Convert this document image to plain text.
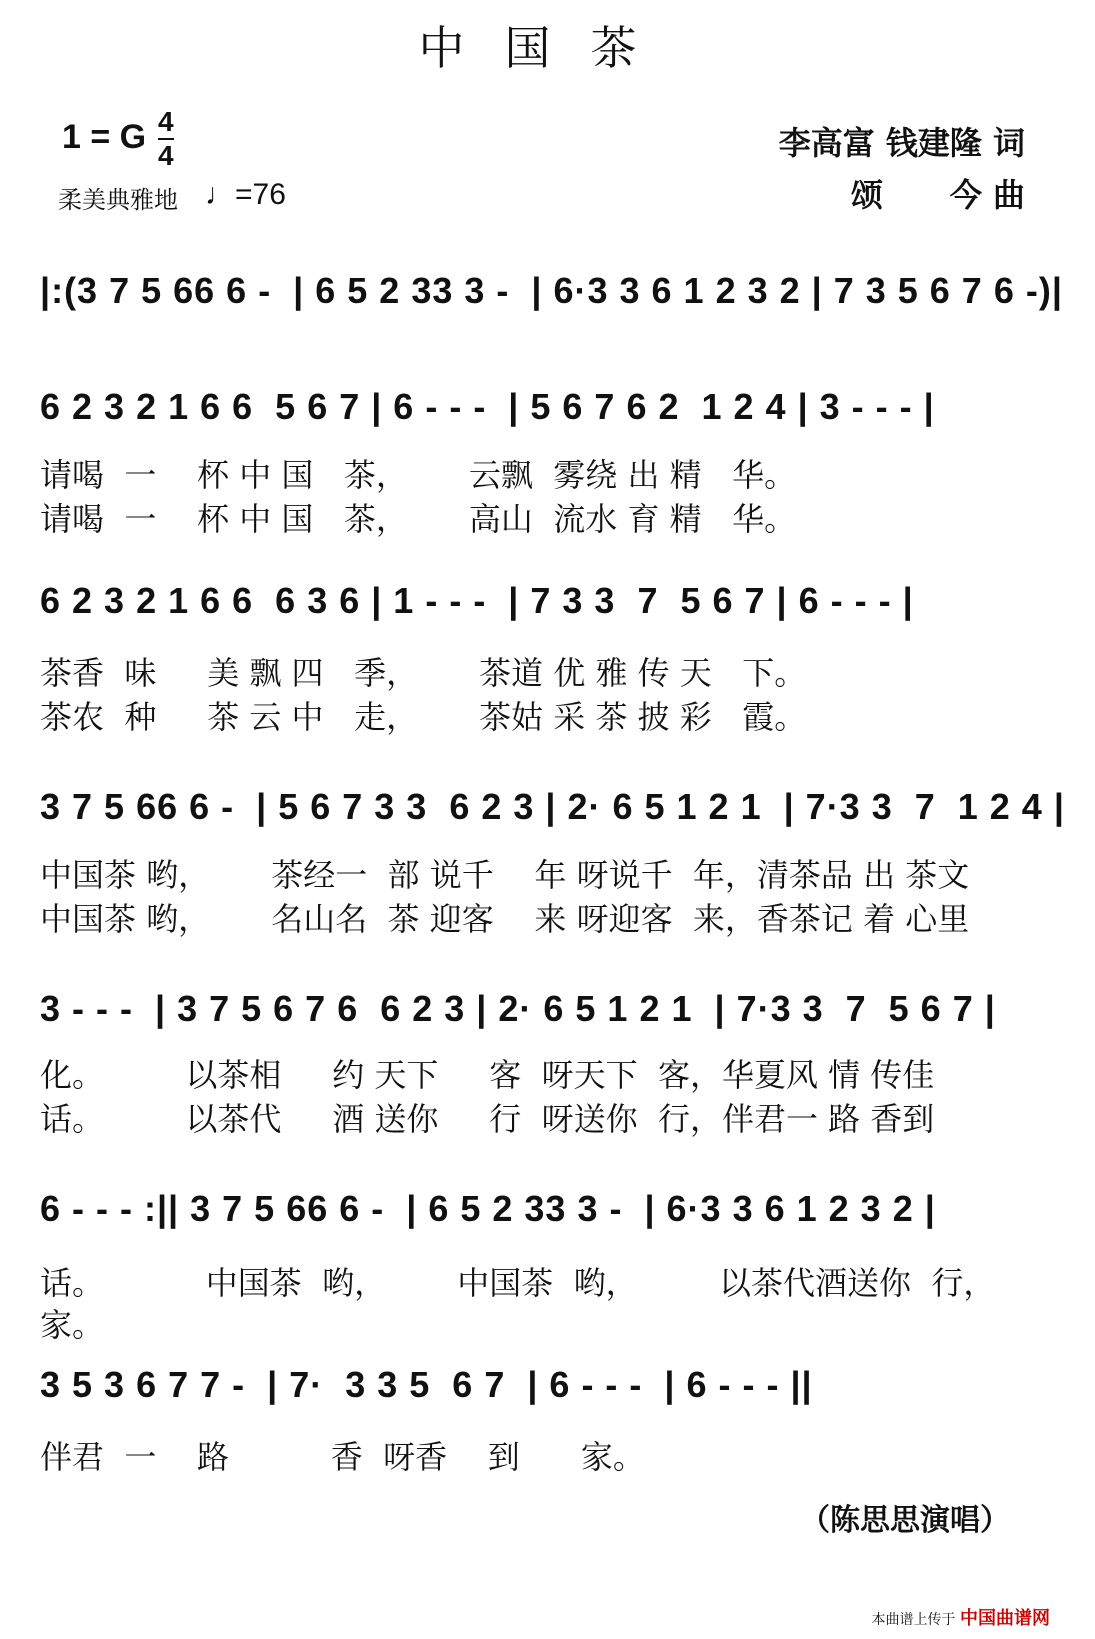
中国茶
1 = G 4
4
柔美典雅地 ♩=76
李高富 钱建隆 词
颂      今 曲
|:(3 7 5 66 6 -  | 6 5 2 33 3 -  | 6·3 3 6 1 2 3 2 | 7 3 5 6 7 6 -)|
6 2 3 2 1 6 6  5 6 7 | 6 - - -  | 5 6 7 6 2  1 2 4 | 3 - - - |
请喝  一    杯 中 国   茶，      云飘  雾绕 出 精   华。
请喝  一    杯 中 国   茶，      高山  流水 育 精   华。
6 2 3 2 1 6 6  6 3 6 | 1 - - -  | 7 3 3  7  5 6 7 | 6 - - - |
茶香  味     美 飘 四   季，      茶道 优 雅 传 天   下。
茶农  种     茶 云 中   走，      茶姑 采 茶 披 彩   霞。
3 7 5 66 6 -  | 5 6 7 3 3  6 2 3 | 2· 6 5 1 2 1  | 7·3 3  7  1 2 4 |
中国茶 哟，      茶经一  部 说千    年 呀说千  年，清茶品 出 茶文
中国茶 哟，      名山名  茶 迎客    来 呀迎客  来，香茶记 着 心里
3 - - -  | 3 7 5 6 7 6  6 2 3 | 2· 6 5 1 2 1  | 7·3 3  7  5 6 7 |
化。        以茶相     约 天下     客  呀天下  客，华夏风 情 传佳
话。        以茶代     酒 送你     行  呀送你  行，伴君一 路 香到
6 - - - :|| 3 7 5 66 6 -  | 6 5 2 33 3 -  | 6·3 3 6 1 2 3 2 |
话。          中国茶  哟，       中国茶  哟，        以茶代酒送你  行，
家。
3 5 3 6 7 7 -  | 7·  3 3 5  6 7  | 6 - - -  | 6 - - - ||
伴君  一    路          香  呀香    到      家。
（陈思思演唱）
本曲谱上传于 中国曲谱网
